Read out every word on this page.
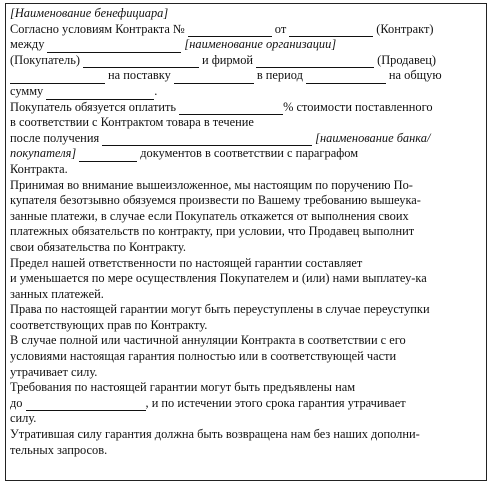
[Наименование бенефициара]
Согласно условиям Контракта №	от	(Контракт)
между	[наименование организации]
(Покупатель)	и фирмой	(Продавец)
на поставку	в период	на общую
сумму	.
Покупатель обязуется оплатить	% стоимости поставленного
в соответствии с Контрактом товара в течение
после получения	[наименование банка/
покупателя]	документов в соответствии с параграфом
Контракта.
Принимая во внимание вышеизложенное, мы настоящим по поручению По-
купателя безотзывно обязуемся произвести по Вашему требованию вышеука-
занные платежи, в случае если Покупатель откажется от выполнения своих
платежных обязательств по контракту, при условии, что Продавец выполнит
свои обязательства по Контракту.
Предел нашей ответственности по настоящей гарантии составляет
и уменьшается по мере осуществления Покупателем и (или) нами выплатеу-ка
занных платежей.
Права по настоящей гарантии могут быть переуступлены в случае переуступки
соответствующих прав по Контракту.
В случае полной или частичной аннуляции Контракта в соответствии с его
условиями настоящая гарантия полностью или в соответствующей части
утрачивает силу.
Требования по настоящей гарантии могут быть предъявлены нам
до	, и по истечении этого срока гарантия утрачивает
силу.
Утратившая силу гарантия должна быть возвращена нам без наших дополни-
тельных запросов.
